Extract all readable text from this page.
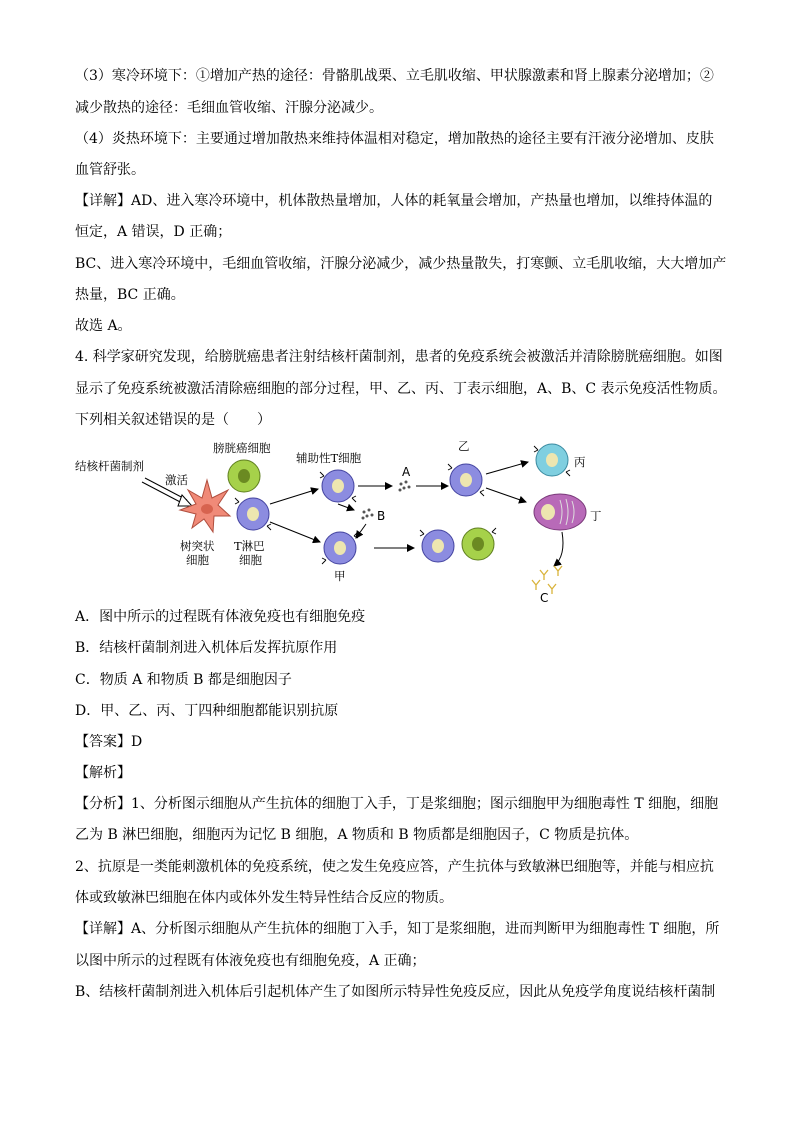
（3）寒冷环境下：①增加产热的途径：骨骼肌战栗、立毛肌收缩、甲状腺激素和肾上腺素分泌增加；②
减少散热的途径：毛细血管收缩、汗腺分泌减少。
（4）炎热环境下：主要通过增加散热来维持体温相对稳定，增加散热的途径主要有汗液分泌增加、皮肤
血管舒张。
【详解】AD、进入寒冷环境中，机体散热量增加，人体的耗氧量会增加，产热量也增加，以维持体温的
恒定，A 错误，D 正确；
BC、进入寒冷环境中，毛细血管收缩，汗腺分泌减少，减少热量散失，打寒颤、立毛肌收缩，大大增加产
热量，BC 正确。
故选 A。
4. 科学家研究发现，给膀胱癌患者注射结核杆菌制剂，患者的免疫系统会被激活并清除膀胱癌细胞。如图
显示了免疫系统被激活清除癌细胞的部分过程，甲、乙、丙、丁表示细胞，A、B、C 表示免疫活性物质。
下列相关叙述错误的是（　　）
结核杆菌制剂
激活
树突状
细胞
膀胱癌细胞
T淋巴
细胞
辅助性T细胞
A
B
甲
乙
丙
丁
C
A．图中所示的过程既有体液免疫也有细胞免疫
B．结核杆菌制剂进入机体后发挥抗原作用
C．物质 A 和物质 B 都是细胞因子
D．甲、乙、丙、丁四种细胞都能识别抗原
【答案】D
【解析】
【分析】1、分析图示细胞从产生抗体的细胞丁入手，丁是浆细胞；图示细胞甲为细胞毒性 T 细胞，细胞
乙为 B 淋巴细胞，细胞丙为记忆 B 细胞，A 物质和 B 物质都是细胞因子，C 物质是抗体。
2、抗原是一类能刺激机体的免疫系统，使之发生免疫应答，产生抗体与致敏淋巴细胞等，并能与相应抗
体或致敏淋巴细胞在体内或体外发生特异性结合反应的物质。
【详解】A、分析图示细胞从产生抗体的细胞丁入手，知丁是浆细胞，进而判断甲为细胞毒性 T 细胞，所
以图中所示的过程既有体液免疫也有细胞免疫，A 正确；
B、结核杆菌制剂进入机体后引起机体产生了如图所示特异性免疫反应，因此从免疫学角度说结核杆菌制
